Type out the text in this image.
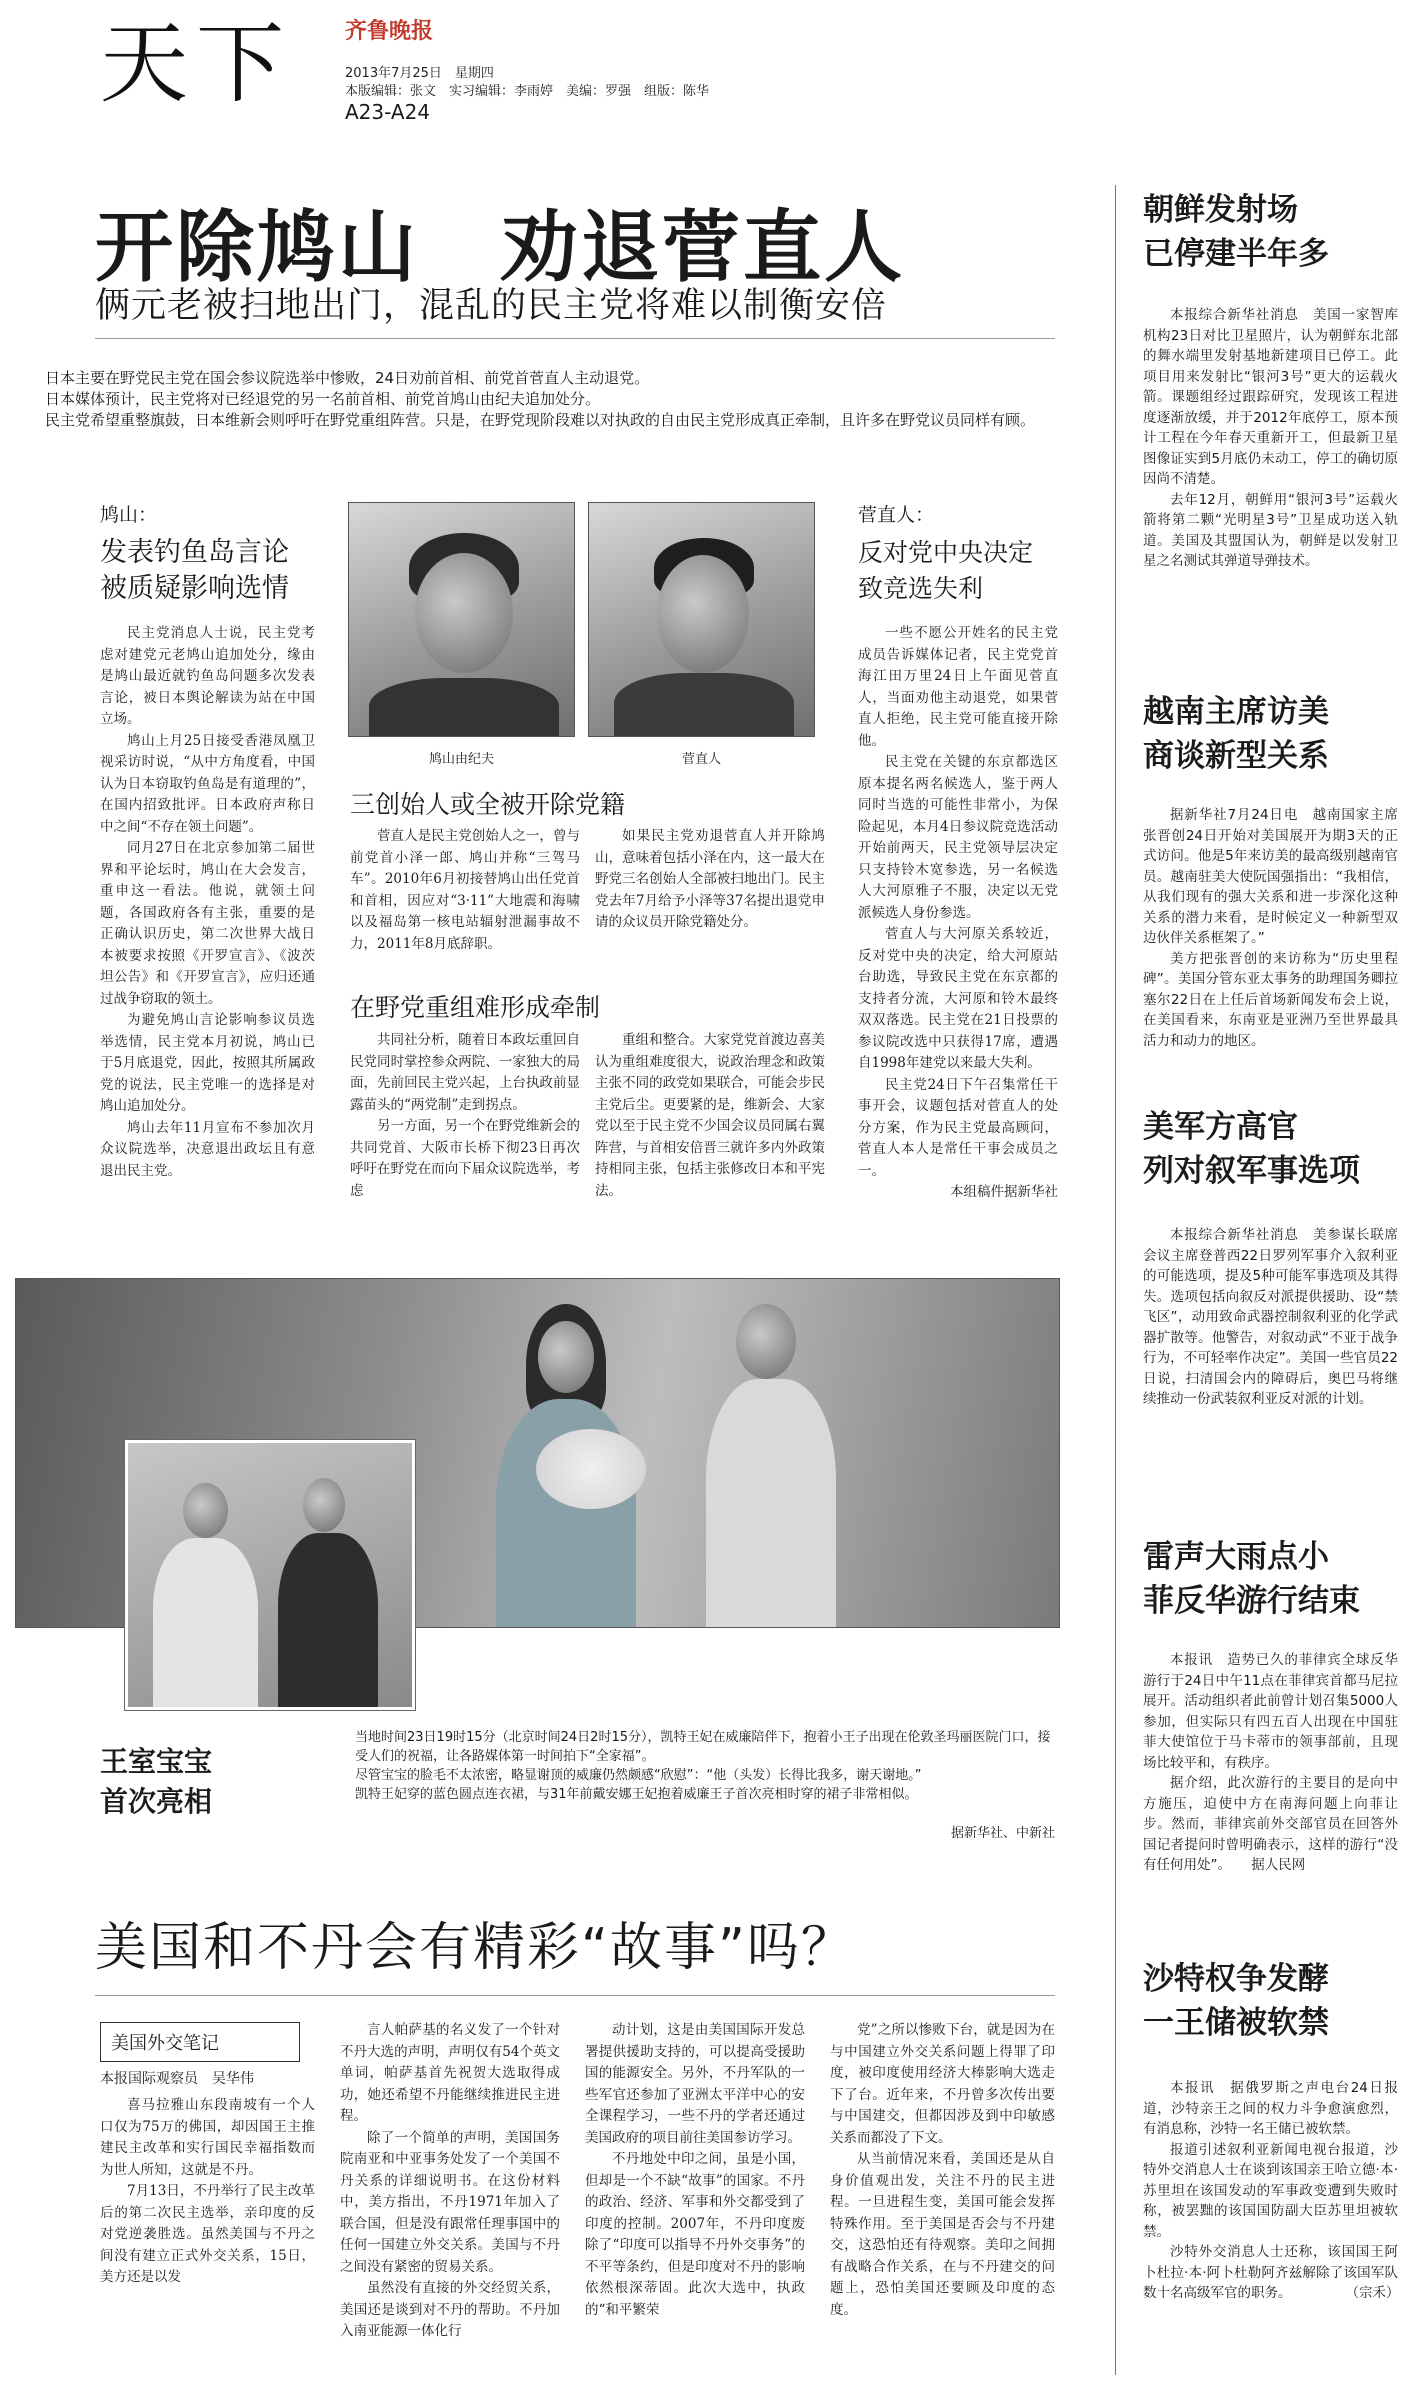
天下 齐鲁晚报
2013年7月25日　星期四
本版编辑：张文　实习编辑：李雨婷　美编：罗强　组版：陈华
A23-A24
开除鸠山　劝退菅直人
俩元老被扫地出门，混乱的民主党将难以制衡安倍

日本主要在野党民主党在国会参议院选举中惨败，24日劝前首相、前党首菅直人主动退党。

日本媒体预计，民主党将对已经退党的另一名前首相、前党首鸠山由纪夫追加处分。

民主党希望重整旗鼓，日本维新会则呼吁在野党重组阵营。只是，在野党现阶段难以对执政的自由民主党形成真正牵制，且许多在野党议员同样有顾。

鸠山：
发表钓鱼岛言论
被质疑影响选情

民主党消息人士说，民主党考虑对建党元老鸠山追加处分，缘由是鸠山最近就钓鱼岛问题多次发表言论，被日本舆论解读为站在中国立场。

鸠山上月25日接受香港凤凰卫视采访时说，“从中方角度看，中国认为日本窃取钓鱼岛是有道理的”，在国内招致批评。日本政府声称日中之间“不存在领土问题”。

同月27日在北京参加第二届世界和平论坛时，鸠山在大会发言，重申这一看法。他说，就领土问题，各国政府各有主张，重要的是正确认识历史，第二次世界大战日本被要求按照《开罗宣言》、《波茨坦公告》和《开罗宣言》，应归还通过战争窃取的领土。

为避免鸠山言论影响参议员选举选情，民主党本月初说，鸠山已于5月底退党，因此，按照其所属政党的说法，民主党唯一的选择是对鸠山追加处分。

鸠山去年11月宣布不参加次月众议院选举，决意退出政坛且有意退出民主党。

鸠山由纪夫	菅直人
三创始人或全被开除党籍

菅直人是民主党创始人之一，曾与前党首小泽一郎、鸠山并称“三驾马车”。2010年6月初接替鸠山出任党首和首相，因应对“3·11”大地震和海啸以及福岛第一核电站辐射泄漏事故不力，2011年8月底辞职。

如果民主党劝退菅直人并开除鸠山，意味着包括小泽在内，这一最大在野党三名创始人全部被扫地出门。民主党去年7月给予小泽等37名提出退党申请的众议员开除党籍处分。

在野党重组难形成牵制

共同社分析，随着日本政坛重回自民党同时掌控参众两院、一家独大的局面，先前回民主党兴起，上台执政前显露苗头的“两党制”走到拐点。

另一方面，另一个在野党维新会的共同党首、大阪市长桥下彻23日再次呼吁在野党在而向下届众议院选举，考虑

重组和整合。大家党党首渡边喜美认为重组难度很大，说政治理念和政策主张不同的政党如果联合，可能会步民主党后尘。更要紧的是，维新会、大家党以至于民主党不少国会议员同属右翼阵营，与首相安倍晋三就许多内外政策持相同主张，包括主张修改日本和平宪法。

菅直人：
反对党中央决定
致竞选失利

一些不愿公开姓名的民主党成员告诉媒体记者，民主党党首海江田万里24日上午面见菅直人，当面劝他主动退党，如果菅直人拒绝，民主党可能直接开除他。

民主党在关键的东京都选区原本提名两名候选人，鉴于两人同时当选的可能性非常小，为保险起见，本月4日参议院竞选活动开始前两天，民主党领导层决定只支持铃木宽参选，另一名候选人大河原雅子不服，决定以无党派候选人身份参选。

菅直人与大河原关系较近，反对党中央的决定，给大河原站台助选，导致民主党在东京都的支持者分流，大河原和铃木最终双双落选。民主党在21日投票的参议院改选中只获得17席，遭遇自1998年建党以来最大失利。

民主党24日下午召集常任干事开会，议题包括对菅直人的处分方案，作为民主党最高顾问，菅直人本人是常任干事会成员之一。

本组稿件据新华社
王室宝宝
首次亮相
当地时间23日19时15分（北京时间24日2时15分），凯特王妃在威廉陪伴下，抱着小王子出现在伦敦圣玛丽医院门口，接受人们的祝福，让各路媒体第一时间拍下“全家福”。
尽管宝宝的脸毛不太浓密，略显谢顶的威廉仍然颇感“欣慰”：“他（头发）长得比我多，谢天谢地。”
凯特王妃穿的蓝色圆点连衣裙，与31年前戴安娜王妃抱着威廉王子首次亮相时穿的裙子非常相似。
据新华社、中新社
美国和不丹会有精彩“故事”吗？
美国外交笔记
本报国际观察员　吴华伟

喜马拉雅山东段南坡有一个人口仅为75万的佛国，却因国王主推建民主改革和实行国民幸福指数而为世人所知，这就是不丹。

7月13日，不丹举行了民主改革后的第二次民主选举，亲印度的反对党逆袭胜选。虽然美国与不丹之间没有建立正式外交关系，15日，美方还是以发

言人帕萨基的名义发了一个针对不丹大选的声明，声明仅有54个英文单词，帕萨基首先祝贺大选取得成功，她还希望不丹能继续推进民主进程。

除了一个简单的声明，美国国务院南亚和中亚事务处发了一个美国不丹关系的详细说明书。在这份材料中，美方指出，不丹1971年加入了联合国，但是没有跟常任理事国中的任何一国建立外交关系。美国与不丹之间没有紧密的贸易关系。

虽然没有直接的外交经贸关系，美国还是谈到对不丹的帮助。不丹加入南亚能源一体化行

动计划，这是由美国国际开发总署提供援助支持的，可以提高受援助国的能源安全。另外，不丹军队的一些军官还参加了亚洲太平洋中心的安全课程学习，一些不丹的学者还通过美国政府的项目前往美国参访学习。

不丹地处中印之间，虽是小国，但却是一个不缺“故事”的国家。不丹的政治、经济、军事和外交都受到了印度的控制。2007年，不丹印度废除了“印度可以指导不丹外交事务”的不平等条约，但是印度对不丹的影响依然根深蒂固。此次大选中，执政的“和平繁荣

党”之所以惨败下台，就是因为在与中国建立外交关系问题上得罪了印度，被印度使用经济大棒影响大选走下了台。近年来，不丹曾多次传出要与中国建交，但都因涉及到中印敏感关系而都没了下文。

从当前情况来看，美国还是从自身价值观出发，关注不丹的民主进程。一旦进程生变，美国可能会发挥特殊作用。至于美国是否会与不丹建交，这恐怕还有待观察。美印之间拥有战略合作关系，在与不丹建交的问题上，恐怕美国还要顾及印度的态度。

朝鲜发射场
已停建半年多

本报综合新华社消息　美国一家智库机构23日对比卫星照片，认为朝鲜东北部的舞水端里发射基地新建项目已停工。此项目用来发射比“银河3号”更大的运载火箭。课题组经过跟踪研究，发现该工程进度逐渐放缓，并于2012年底停工，原本预计工程在今年春天重新开工，但最新卫星图像证实到5月底仍未动工，停工的确切原因尚不清楚。

去年12月，朝鲜用“银河3号”运载火箭将第二颗“光明星3号”卫星成功送入轨道。美国及其盟国认为，朝鲜是以发射卫星之名测试其弹道导弹技术。

越南主席访美
商谈新型关系

据新华社7月24日电　越南国家主席张晋创24日开始对美国展开为期3天的正式访问。他是5年来访美的最高级别越南官员。越南驻美大使阮国强指出：“我相信，从我们现有的强大关系和进一步深化这种关系的潜力来看，是时候定义一种新型双边伙伴关系框架了。”

美方把张晋创的来访称为“历史里程碑”。美国分管东亚太事务的助理国务卿拉塞尔22日在上任后首场新闻发布会上说，在美国看来，东南亚是亚洲乃至世界最具活力和动力的地区。

美军方高官
列对叙军事选项

本报综合新华社消息　美参谋长联席会议主席登普西22日罗列军事介入叙利亚的可能选项，提及5种可能军事选项及其得失。选项包括向叙反对派提供援助、设“禁飞区”，动用致命武器控制叙利亚的化学武器扩散等。他警告，对叙动武“不亚于战争行为，不可轻率作决定”。美国一些官员22日说，扫清国会内的障碍后，奥巴马将继续推动一份武装叙利亚反对派的计划。

雷声大雨点小
菲反华游行结束

本报讯　造势已久的菲律宾全球反华游行于24日中午11点在菲律宾首都马尼拉展开。活动组织者此前曾计划召集5000人参加，但实际只有四五百人出现在中国驻菲大使馆位于马卡蒂市的领事部前，且现场比较平和，有秩序。

据介绍，此次游行的主要目的是向中方施压，迫使中方在南海问题上向菲让步。然而，菲律宾前外交部官员在回答外国记者提问时曾明确表示，这样的游行“没有任何用处”。　　据人民网

沙特权争发酵
一王储被软禁

本报讯　据俄罗斯之声电台24日报道，沙特亲王之间的权力斗争愈演愈烈，有消息称，沙特一名王储已被软禁。

报道引述叙利亚新闻电视台报道，沙特外交消息人士在谈到该国亲王哈立德·本·苏里坦在该国发动的军事政变遭到失败时称，被罢黜的该国国防副大臣苏里坦被软禁。

沙特外交消息人士还称，该国国王阿卜杜拉·本·阿卜杜勒阿齐兹解除了该国军队数十名高级军官的职务。　　　　　（宗禾）
